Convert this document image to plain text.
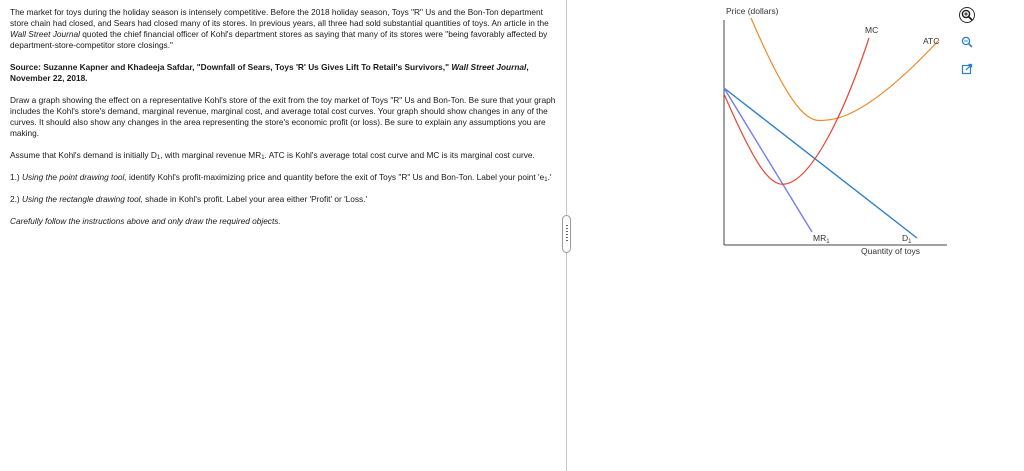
The market for toys during the holiday season is intensely competitive. Before the 2018 holiday season, Toys "R" Us and the Bon-Ton department store chain had closed, and Sears had closed many of its stores. In previous years, all three had sold substantial quantities of toys. An article in the Wall Street Journal quoted the chief financial officer of Kohl's department stores as saying that many of its stores were "being favorably affected by department-store-competitor store closings."

Source: Suzanne Kapner and Khadeeja Safdar, "Downfall of Sears, Toys 'R' Us Gives Lift To Retail's Survivors," Wall Street Journal, November 22, 2018.

Draw a graph showing the effect on a representative Kohl's store of the exit from the toy market of Toys "R" Us and Bon-Ton. Be sure that your graph includes the Kohl's store's demand, marginal revenue, marginal cost, and average total cost curves. Your graph should show changes in any of the curves. It should also show any changes in the area representing the store's economic profit (or loss). Be sure to explain any assumptions you are making.

Assume that Kohl's demand is initially $D_1$, with marginal revenue $MR_1$. ATC is Kohl's average total cost curve and MC is its marginal cost curve.

1.) Using the point drawing tool, identify Kohl's profit-maximizing price and quantity before the exit of Toys "R" Us and Bon-Ton. Label your point '$e_1$.'

2.) Using the rectangle drawing tool, shade in Kohl's profit. Label your area either 'Profit' or 'Loss.'

Carefully follow the instructions above and only draw the required objects.

Price (dollars)
Quantity of toys
MC
ATC
$MR_1$	$D_1$
